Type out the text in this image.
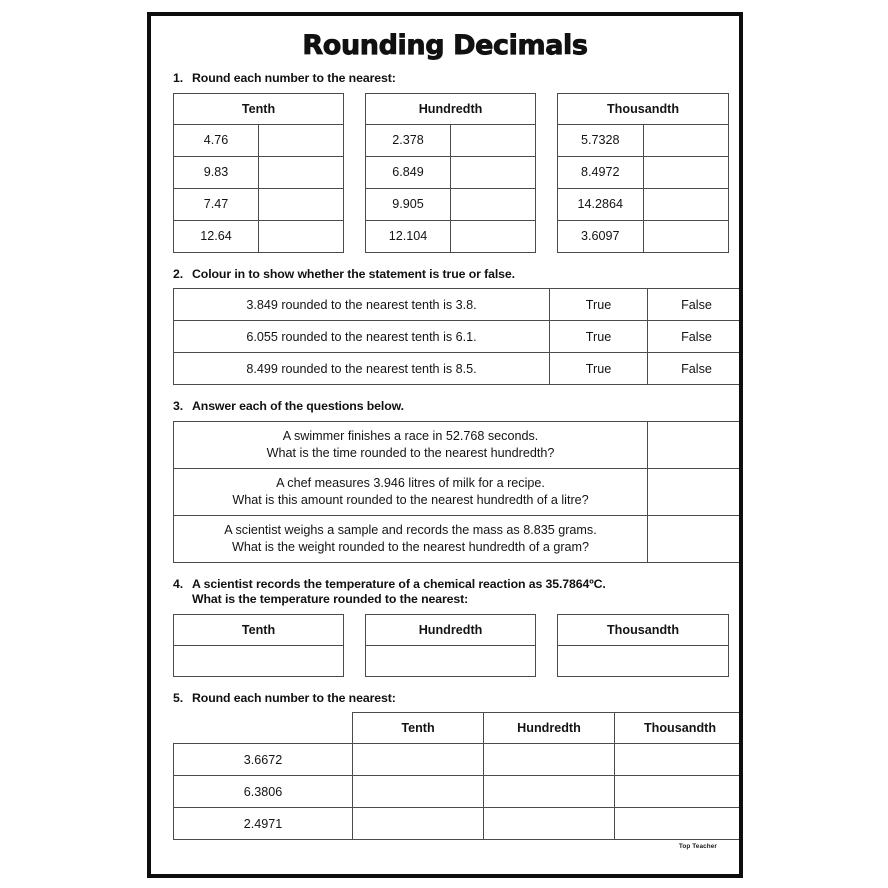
Rounding Decimals
1. Round each number to the nearest:
Tenth	
4.76	
9.83	
7.47	
12.64	
Hundredth	
2.378	
6.849	
9.905	
12.104	
Thousandth	
5.7328	
8.4972	
14.2864	
3.6097	
2. Colour in to show whether the statement is true or false.
3.849 rounded to the nearest tenth is 3.8.	True	False
6.055 rounded to the nearest tenth is 6.1.	True	False
8.499 rounded to the nearest tenth is 8.5.	True	False
3. Answer each of the questions below.
A swimmer finishes a race in 52.768 seconds.
What is the time rounded to the nearest hundredth?	

A chef measures 3.946 litres of milk for a recipe.
What is this amount rounded to the nearest hundredth of a litre?	

A scientist weighs a sample and records the mass as 8.835 grams.
What is the weight rounded to the nearest hundredth of a gram?	

4. A scientist records the temperature of a chemical reaction as 35.7864ºC.
What is the temperature rounded to the nearest:
Tenth	Hundredth	Thousandth

5. Round each number to the nearest:
	Tenth	Hundredth	Thousandth
3.6672			
6.3806			
2.4971			
Top Teacher
